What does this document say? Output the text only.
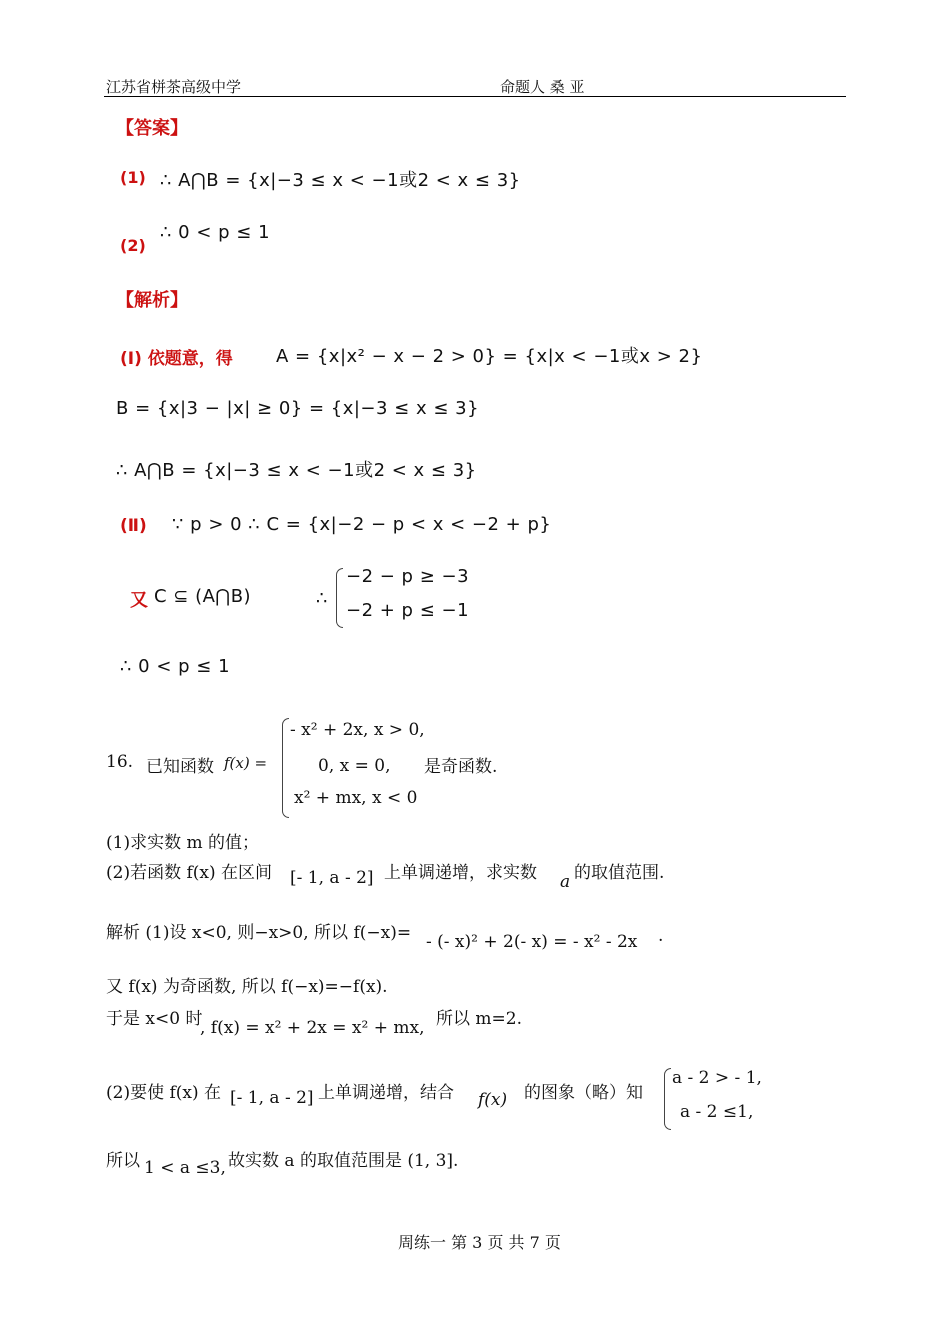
江苏省栟茶高级中学	命题人 桑 亚
【答案】
(1) ∴ A⋂B = {x|−3 ≤ x < −1或2 < x ≤ 3}
(2)
∴ 0 < p ≤ 1
【解析】
(Ⅰ) 依题意，得 A = {x|x² − x − 2 > 0} = {x|x < −1或x > 2}
B = {x|3 − |x| ≥ 0} = {x|−3 ≤ x ≤ 3}
∴ A⋂B = {x|−3 ≤ x < −1或2 < x ≤ 3}
(Ⅱ) ∵ p > 0 ∴ C = {x|−2 − p < x < −2 + p}
又 C ⊆ (A⋂B)	∴
−2 − p ≥ −3
−2 + p ≤ −1
∴ 0 < p ≤ 1
16. 已知函数 f(x) =
- x² + 2x, x > 0,
0, x = 0,
x² + mx, x < 0
是奇函数.
(1)求实数 m 的值；
(2)若函数 f(x) 在区间 [- 1, a - 2] 上单调递增，求实数 a 的取值范围.
解析 (1)设 x<0, 则−x>0, 所以 f(−x)= - (- x)² + 2(- x) = - x² - 2x .
又 f(x) 为奇函数, 所以 f(−x)=−f(x).
于是 x<0 时
, f(x) = x² + 2x = x² + mx, 所以 m=2.
(2)要使 f(x) 在 [- 1, a - 2] 上单调递增，结合 f(x) 的图象（略）知
a - 2 > - 1,
a - 2 ≤1,
所以 1 < a ≤3, 故实数 a 的取值范围是 (1, 3].
周练一 第 3 页 共 7 页
